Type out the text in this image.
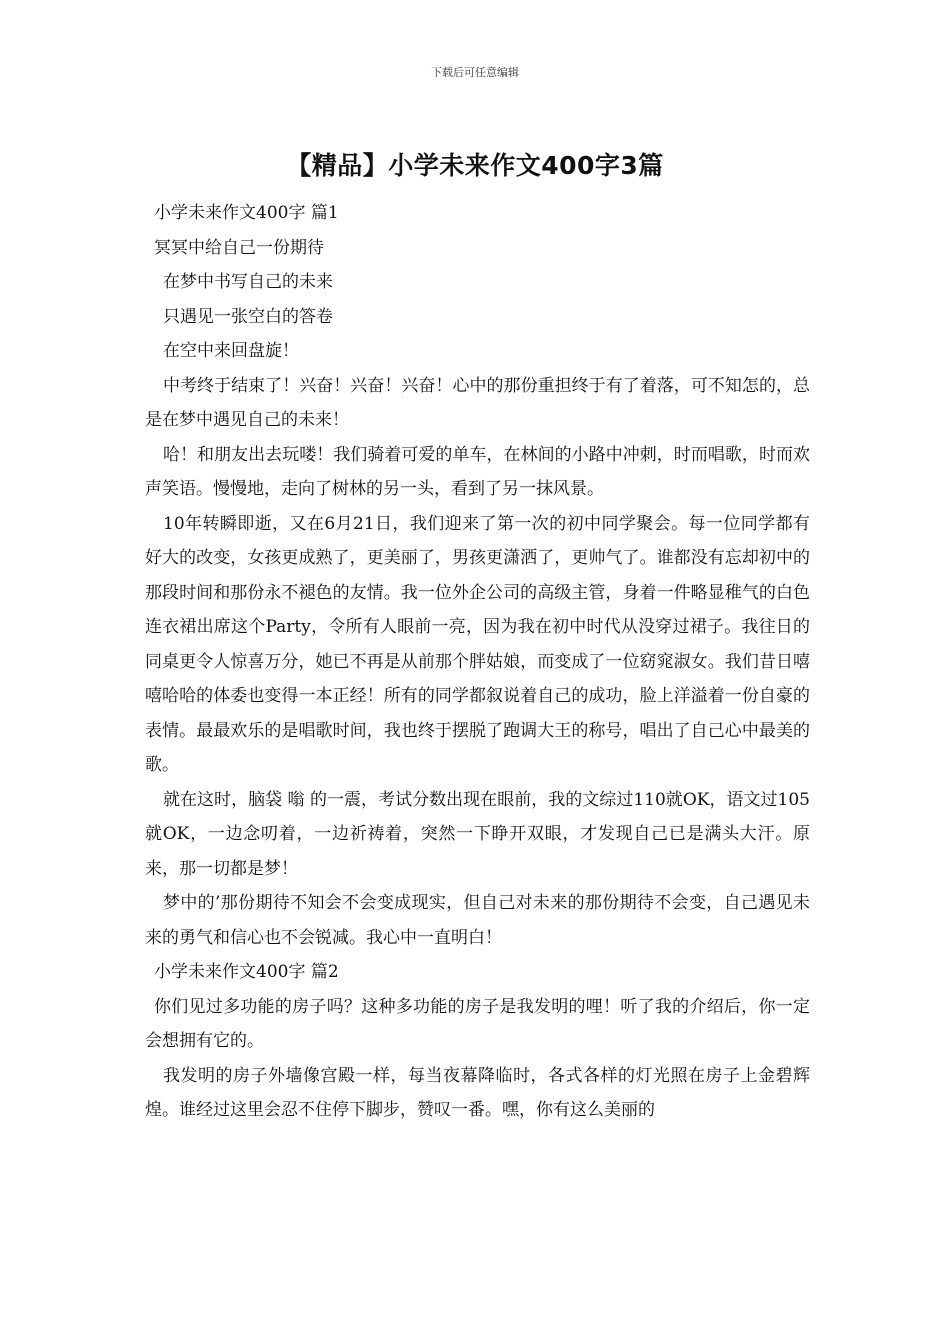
下载后可任意编辑
【精品】小学未来作文400字3篇

小学未来作文400字 篇1

冥冥中给自己一份期待

在梦中书写自己的未来

只遇见一张空白的答卷

在空中来回盘旋！

中考终于结束了！兴奋！兴奋！兴奋！心中的那份重担终于有了着落，可不知怎的，总是在梦中遇见自己的未来！

哈！和朋友出去玩喽！我们骑着可爱的单车，在林间的小路中冲刺，时而唱歌，时而欢声笑语。慢慢地，走向了树林的另一头，看到了另一抹风景。

10年转瞬即逝，又在6月21日，我们迎来了第一次的初中同学聚会。每一位同学都有好大的改变，女孩更成熟了，更美丽了，男孩更潇洒了，更帅气了。谁都没有忘却初中的那段时间和那份永不褪色的友情。我一位外企公司的高级主管，身着一件略显稚气的白色连衣裙出席这个Party，令所有人眼前一亮，因为我在初中时代从没穿过裙子。我往日的同桌更令人惊喜万分，她已不再是从前那个胖姑娘，而变成了一位窈窕淑女。我们昔日嘻嘻哈哈的体委也变得一本正经！所有的同学都叙说着自己的成功，脸上洋溢着一份自豪的表情。最最欢乐的是唱歌时间，我也终于摆脱了跑调大王的称号，唱出了自己心中最美的歌。

就在这时，脑袋 嗡 的一震，考试分数出现在眼前，我的文综过110就OK，语文过105就OK，一边念叨着，一边祈祷着，突然一下睁开双眼，才发现自己已是满头大汗。原来，那一切都是梦！

梦中的’那份期待不知会不会变成现实，但自己对未来的那份期待不会变，自己遇见未来的勇气和信心也不会锐减。我心中一直明白！

小学未来作文400字 篇2

你们见过多功能的房子吗？这种多功能的房子是我发明的哩！听了我的介绍后，你一定会想拥有它的。

我发明的房子外墙像宫殿一样，每当夜幕降临时，各式各样的灯光照在房子上金碧辉煌。谁经过这里会忍不住停下脚步，赞叹一番。嘿，你有这么美丽的
